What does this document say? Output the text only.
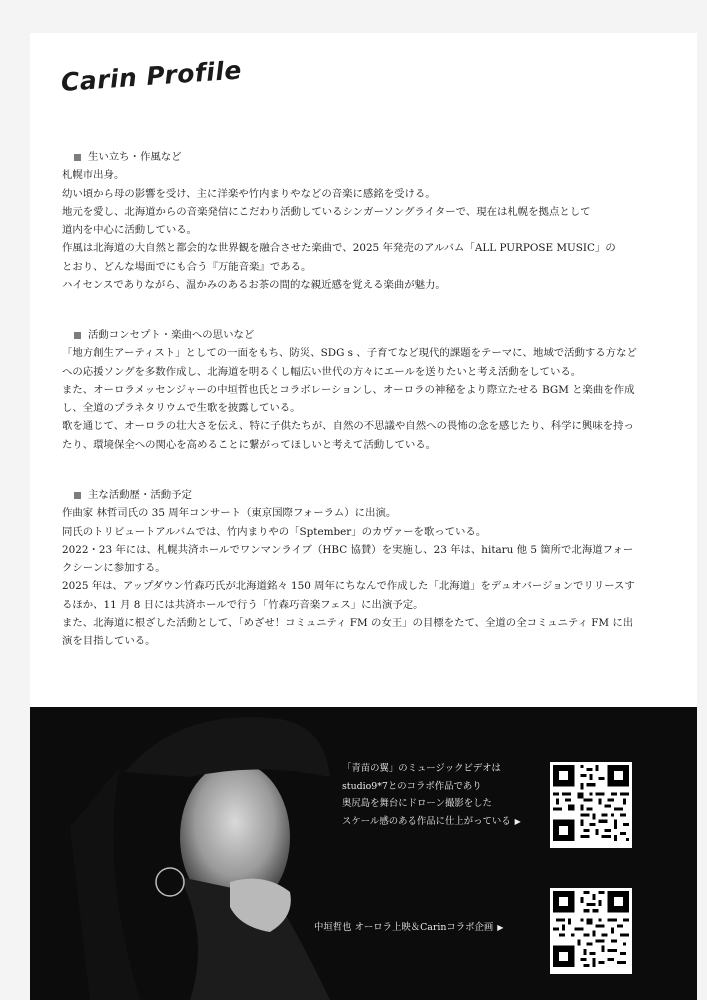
Carin Profile
生い立ち・作風など
札幌市出身。
幼い頃から母の影響を受け、主に洋楽や竹内まりやなどの音楽に感銘を受ける。
地元を愛し、北海道からの音楽発信にこだわり活動しているシンガーソングライターで、現在は札幌を拠点として
道内を中心に活動している。
作風は北海道の大自然と都会的な世界観を融合させた楽曲で、2025 年発売のアルバム「ALL PURPOSE MUSIC」の
とおり、どんな場面でにも合う『万能音楽』である。
ハイセンスでありながら、温かみのあるお茶の間的な親近感を覚える楽曲が魅力。
活動コンセプト・楽曲への思いなど
「地方創生アーティスト」としての一面をもち、防災、SDG s 、子育てなど現代的課題をテーマに、地域で活動する方などへの応援ソングを多数作成し、北海道を明るくし幅広い世代の方々にエールを送りたいと考え活動をしている。
また、オーロラメッセンジャーの中垣哲也氏とコラボレーションし、オーロラの神秘をより際立たせる BGM と楽曲を作成し、全道のプラネタリウムで生歌を披露している。
歌を通じて、オーロラの壮大さを伝え、特に子供たちが、自然の不思議や自然への畏怖の念を感じたり、科学に興味を持ったり、環境保全への関心を高めることに繋がってほしいと考えて活動している。
主な活動歴・活動予定
作曲家 林哲司氏の 35 周年コンサート（東京国際フォーラム）に出演。
同氏のトリビュートアルバムでは、竹内まりやの「Sptember」のカヴァーを歌っている。
2022・23 年には、札幌共済ホールでワンマンライブ（HBC 協賛）を実施し、23 年は、hitaru 他 5 箇所で北海道フォークシーンに参加する。
2025 年は、アップダウン竹森巧氏が北海道銘々 150 周年にちなんで作成した「北海道」をデュオバージョンでリリースするほか、11 月 8 日には共済ホールで行う「竹森巧音楽フェス」に出演予定。
また、北海道に根ざした活動として、「めざせ！コミュニティ FM の女王」の目標をたて、全道の全コミュニティ FM に出演を目指している。
「青苗の翼」のミュージックビデオは
studio9*7とのコラボ作品であり
奥尻島を舞台にドローン撮影をした
スケール感のある作品に仕上がっている ▶
中垣哲也 オーロラ上映＆Carinコラボ企画 ▶
